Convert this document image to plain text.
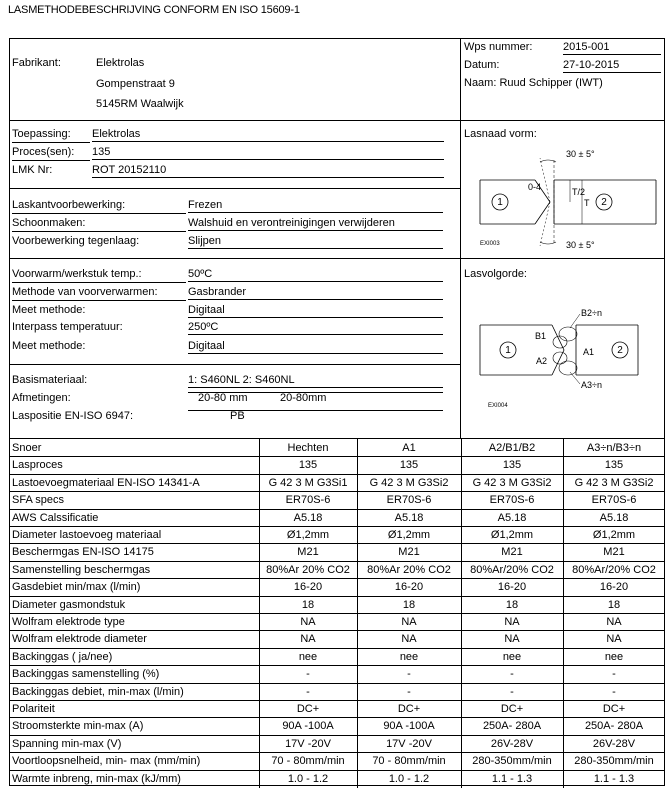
LASMETHODEBESCHRIJVING CONFORM EN ISO 15609-1
Fabrikant:	Elektrolas
Gompenstraat 9
5145RM Waalwijk
Wps nummer:	2015-001
Datum:	27-10-2015
Naam: Ruud Schipper (IWT)
Toepassing: Elektrolas
Proces(sen): 135
LMK Nr:	ROT 20152110
Lasnaad vorm:
30 ± 5°
30 ± 5°
0-4	T/2
T
1	2
EXI003
Laskantvoorbewerking:	Frezen
Schoonmaken:	Walshuid en verontreinigingen verwijderen
Voorbewerking tegenlaag:	Slijpen
Voorwarm/werkstuk temp.:	50ºC
Methode van voorverwarmen:	Gasbrander
Meet methode:	Digitaal
Interpass temperatuur:	250ºC
Meet methode:	Digitaal
Lasvolgorde:
B2÷n
B1
A1
A2
A3÷n
1	2
EXI004
Basismateriaal:	1: S460NL 2: S460NL
Afmetingen:	20-80 mm	20-80mm
Laspositie EN-ISO 6947:	PB
Snoer	Hechten	A1	A2/B1/B2	A3÷n/B3÷n
Lasproces	135	135	135	135
Lastoevoegmateriaal EN-ISO 14341-A	G 42 3 M G3Si1	G 42 3 M G3Si2	G 42 3 M G3Si2	G 42 3 M G3Si2
SFA specs	ER70S-6	ER70S-6	ER70S-6	ER70S-6
AWS Calssificatie	A5.18	A5.18	A5.18	A5.18
Diameter lastoevoeg materiaal	Ø1,2mm	Ø1,2mm	Ø1,2mm	Ø1,2mm
Beschermgas EN-ISO 14175	M21	M21	M21	M21
Samenstelling beschermgas	80%Ar 20% CO2	80%Ar 20% CO2	80%Ar/20% CO2	80%Ar/20% CO2
Gasdebiet min/max (l/min)	16-20	16-20	16-20	16-20
Diameter gasmondstuk	18	18	18	18
Wolfram elektrode type	NA	NA	NA	NA
Wolfram elektrode diameter	NA	NA	NA	NA
Backinggas ( ja/nee)	nee	nee	nee	nee
Backinggas samenstelling (%)	-	-	-	-
Backinggas debiet, min-max (l/min)	-	-	-	-
Polariteit	DC+	DC+	DC+	DC+
Stroomsterkte min-max (A)	90A -100A	90A -100A	250A- 280A	250A- 280A
Spanning min-max (V)	17V -20V	17V -20V	26V-28V	26V-28V
Voortloopsnelheid, min- max (mm/min)	70 - 80mm/min	70 - 80mm/min	280-350mm/min	280-350mm/min
Warmte inbreng, min-max (kJ/mm)	1.0 - 1.2	1.0 - 1.2	1.1 - 1.3	1.1 - 1.3
